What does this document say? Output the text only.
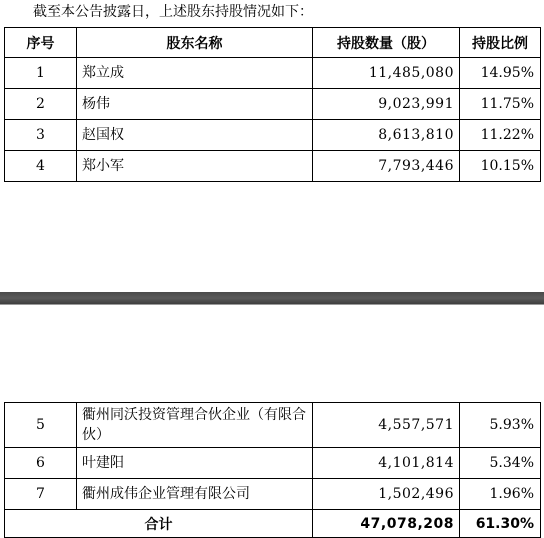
截至本公告披露日，上述股东持股情况如下：
序号	股东名称	持股数量（股）	持股比例
1	郑立成	11,485,080	14.95%
2	杨伟	9,023,991	11.75%
3	赵国权	8,613,810	11.22%
4	郑小军	7,793,446	10.15%
5	衢州同沃投资管理合伙企业（有限合伙）	4,557,571	5.93%
6	叶建阳	4,101,814	5.34%
7	衢州成伟企业管理有限公司	1,502,496	1.96%
合计		47,078,208	61.30%
